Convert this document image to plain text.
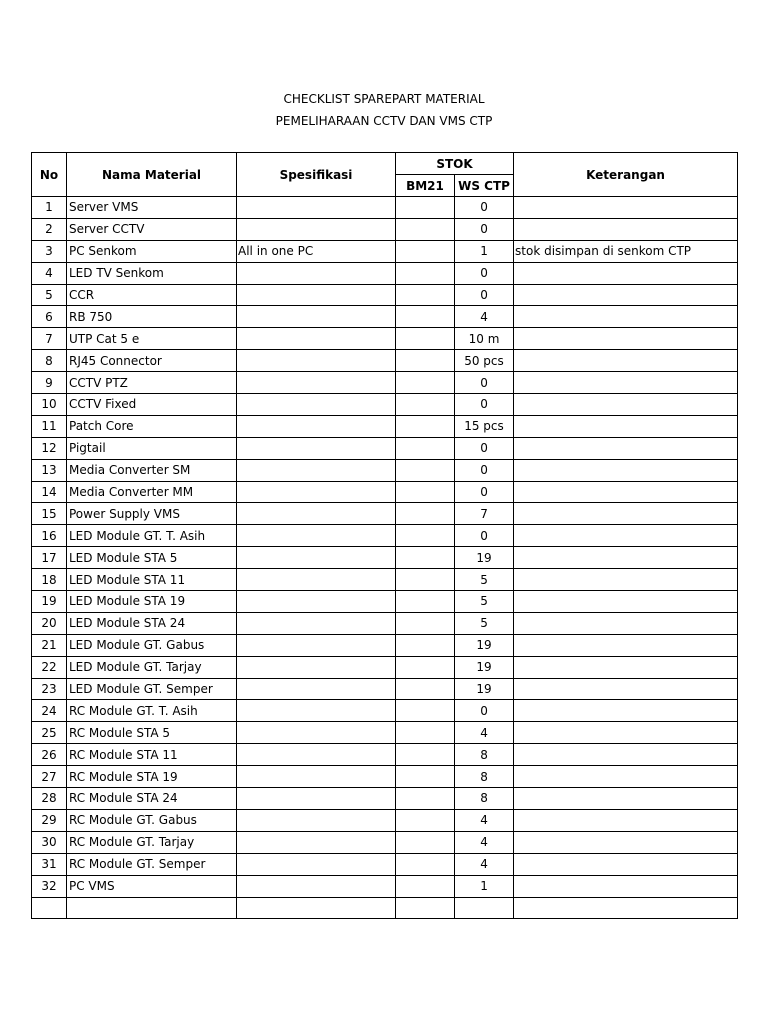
CHECKLIST SPAREPART MATERIAL
PEMELIHARAAN CCTV DAN VMS CTP
No	Nama Material	Spesifikasi	STOK		Keterangan
			BM21	WS CTP	
1	Server VMS			0	
2	Server CCTV			0	
3	PC Senkom	All in one PC		1	stok disimpan di senkom CTP
4	LED TV Senkom			0	
5	CCR			0	
6	RB 750			4	
7	UTP Cat 5 e			10 m	
8	RJ45 Connector			50 pcs	
9	CCTV PTZ			0	
10	CCTV Fixed			0	
11	Patch Core			15 pcs	
12	Pigtail			0	
13	Media Converter SM			0	
14	Media Converter MM			0	
15	Power Supply VMS			7	
16	LED Module GT. T. Asih			0	
17	LED Module STA 5			19	
18	LED Module STA 11			5	
19	LED Module STA 19			5	
20	LED Module STA 24			5	
21	LED Module GT. Gabus			19	
22	LED Module GT. Tarjay			19	
23	LED Module GT. Semper			19	
24	RC Module GT. T. Asih			0	
25	RC Module STA 5			4	
26	RC Module STA 11			8	
27	RC Module STA 19			8	
28	RC Module STA 24			8	
29	RC Module GT. Gabus			4	
30	RC Module GT. Tarjay			4	
31	RC Module GT. Semper			4	
32	PC VMS			1	
